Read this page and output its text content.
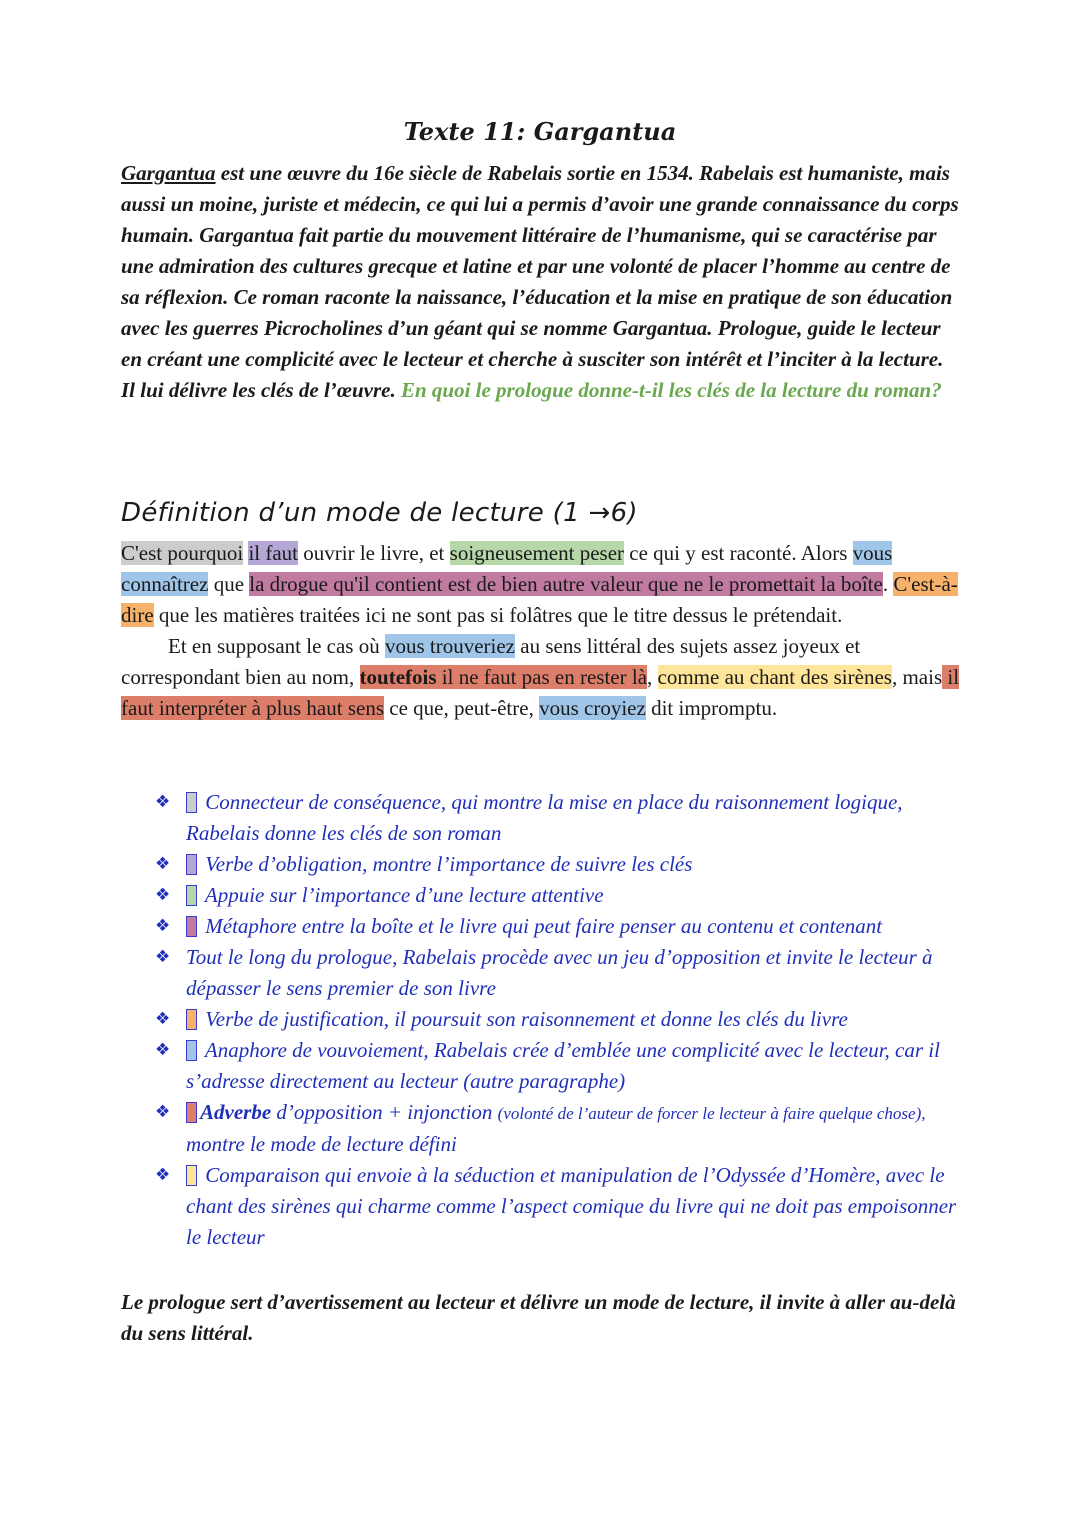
Texte 11: Gargantua
Gargantua est une œuvre du 16e siècle de Rabelais sortie en 1534. Rabelais est humaniste, mais aussi un moine, juriste et médecin, ce qui lui a permis d’avoir une grande connaissance du corps humain. Gargantua fait partie du mouvement littéraire de l’humanisme, qui se caractérise par une admiration des cultures grecque et latine et par une volonté de placer l’homme au centre de sa réflexion. Ce roman raconte la naissance, l’éducation et la mise en pratique de son éducation avec les guerres Picrocholines d’un géant qui se nomme Gargantua. Prologue, guide le lecteur en créant une complicité avec le lecteur et cherche à susciter son intérêt et l’inciter à la lecture. Il lui délivre les clés de l’œuvre. En quoi le prologue donne-t-il les clés de la lecture du roman?
Définition d’un mode de lecture (1 →6)

C'est pourquoi il faut ouvrir le livre, et soigneusement peser ce qui y est raconté. Alors vous connaîtrez que la drogue qu'il contient est de bien autre valeur que ne le promettait la boîte. C'est-à-dire que les matières traitées ici ne sont pas si folâtres que le titre dessus le prétendait.

Et en supposant le cas où vous trouveriez au sens littéral des sujets assez joyeux et correspondant bien au nom, toutefois il ne faut pas en rester là, comme au chant des sirènes, mais il faut interpréter à plus haut sens ce que, peut-être, vous croyiez dit impromptu.

❖ Connecteur de conséquence, qui montre la mise en place du raisonnement logique, Rabelais donne les clés de son roman
❖ Verbe d’obligation, montre l’importance de suivre les clés
❖ Appuie sur l’importance d’une lecture attentive
❖ Métaphore entre la boîte et le livre qui peut faire penser au contenu et contenant
❖ Tout le long du prologue, Rabelais procède avec un jeu d’opposition et invite le lecteur à dépasser le sens premier de son livre
❖ Verbe de justification, il poursuit son raisonnement et donne les clés du livre
❖ Anaphore de vouvoiement, Rabelais crée d’emblée une complicité avec le lecteur, car il s’adresse directement au lecteur (autre paragraphe)
❖ Adverbe d’opposition + injonction (volonté de l’auteur de forcer le lecteur à faire quelque chose), montre le mode de lecture défini
❖ Comparaison qui envoie à la séduction et manipulation de l’Odyssée d’Homère, avec le chant des sirènes qui charme comme l’aspect comique du livre qui ne doit pas empoisonner le lecteur
Le prologue sert d’avertissement au lecteur et délivre un mode de lecture, il invite à aller au-delà du sens littéral.
